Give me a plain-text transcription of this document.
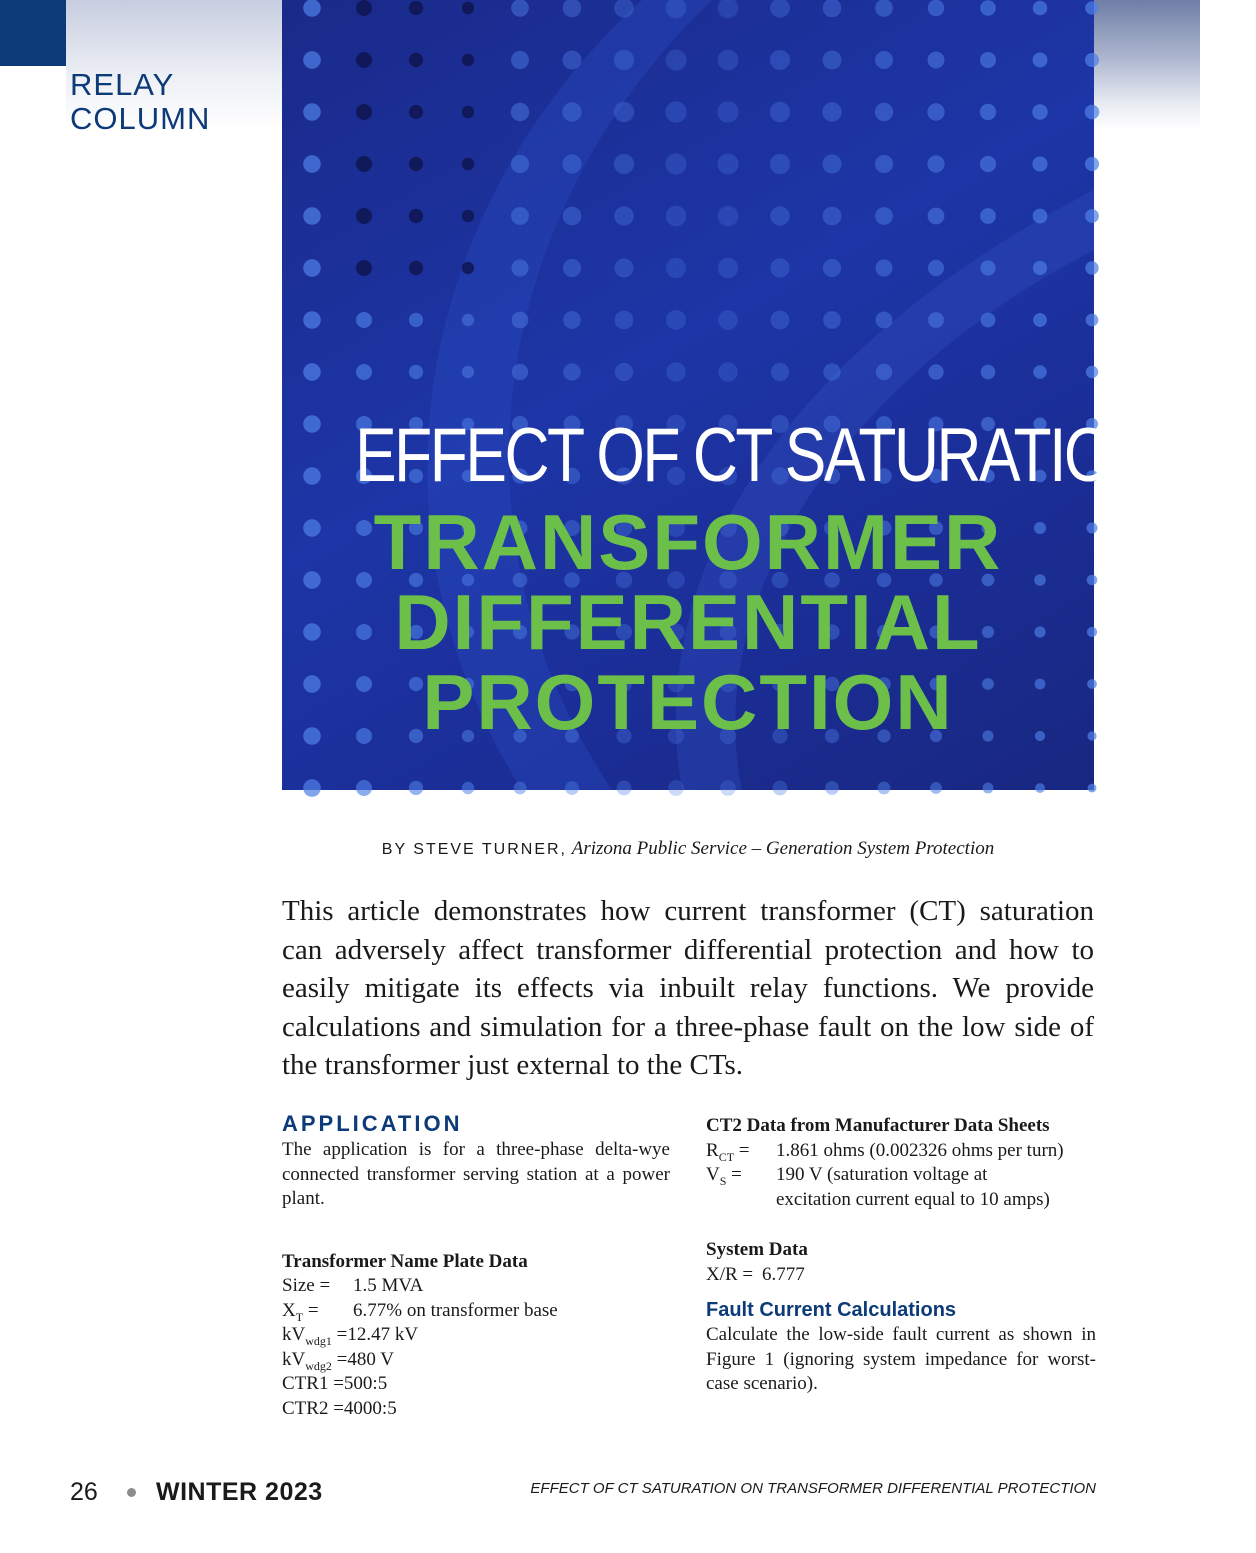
RELAY
COLUMN
EFFECT OF CT SATURATION ON
TRANSFORMER
DIFFERENTIAL
PROTECTION
BY STEVE TURNER, Arizona Public Service – Generation System Protection
This article demonstrates how current transformer (CT) saturation can adversely affect transformer differential protection and how to easily mitigate its effects via inbuilt relay functions. We provide calculations and simulation for a three-phase fault on the low side of the transformer just external to the CTs.
APPLICATION
The application is for a three-phase delta-wye connected transformer serving station at a power plant.
Transformer Name Plate Data
Size =	1.5 MVA
$X_T$ =	6.77% on transformer base
$kV_{wdg1} = 12.47$ kV
$kV_{wdg2} = 480$ V
CTR1 =500:5
CTR2 =4000:5
CT2 Data from Manufacturer Data Sheets
$R_{CT}$ =	1.861 ohms (0.002326 ohms per turn)
$V_S$ =	190 V (saturation voltage at
excitation current equal to 10 amps)
System Data
X/R = 6.777
Fault Current Calculations
Calculate the low-side fault current as shown in Figure 1 (ignoring system impedance for worst-case scenario).
26 WINTER 2023	EFFECT OF CT SATURATION ON TRANSFORMER DIFFERENTIAL PROTECTION
